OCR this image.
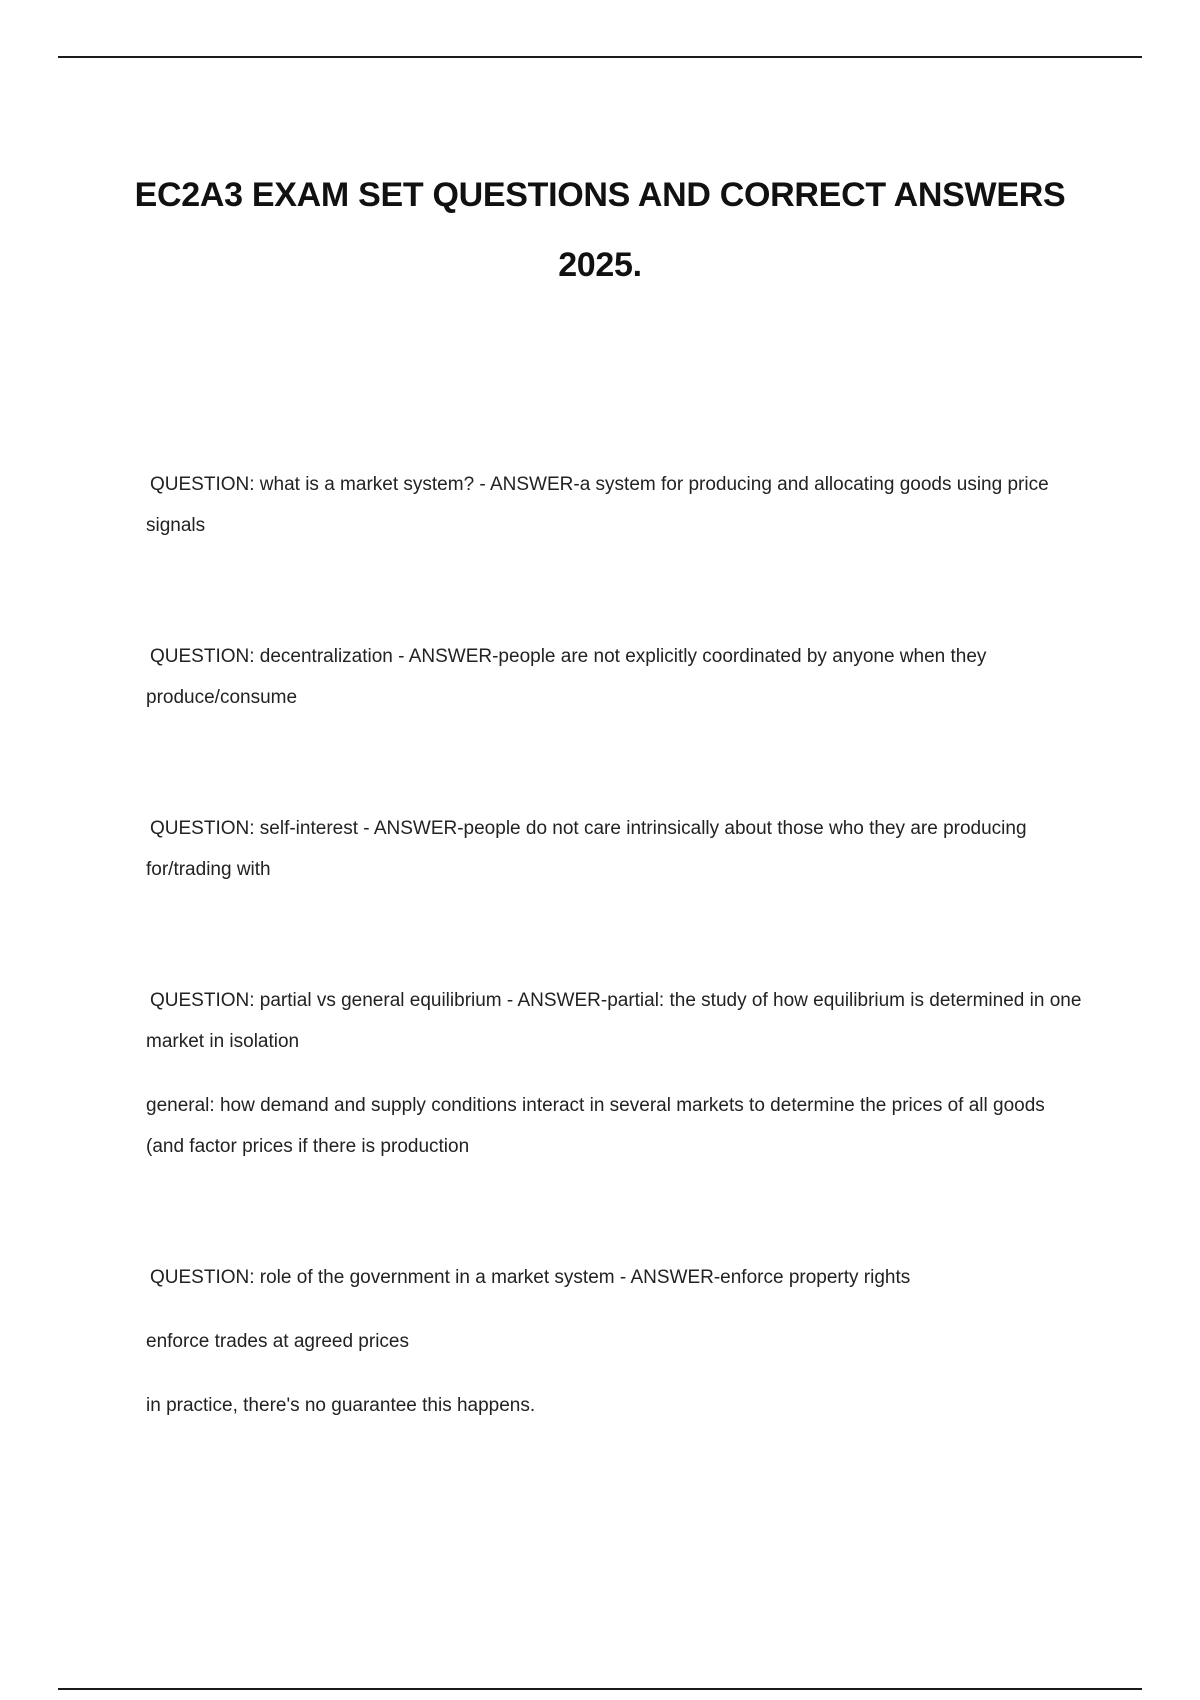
EC2A3 EXAM SET QUESTIONS AND CORRECT ANSWERS
2025.

QUESTION: what is a market system? - ANSWER-a system for producing and allocating goods using price signals

QUESTION: decentralization - ANSWER-people are not explicitly coordinated by anyone when they produce/consume

QUESTION: self-interest - ANSWER-people do not care intrinsically about those who they are producing for/trading with

QUESTION: partial vs general equilibrium - ANSWER-partial: the study of how equilibrium is determined in one market in isolation

general: how demand and supply conditions interact in several markets to determine the prices of all goods (and factor prices if there is production

QUESTION: role of the government in a market system - ANSWER-enforce property rights

enforce trades at agreed prices

in practice, there's no guarantee this happens.
